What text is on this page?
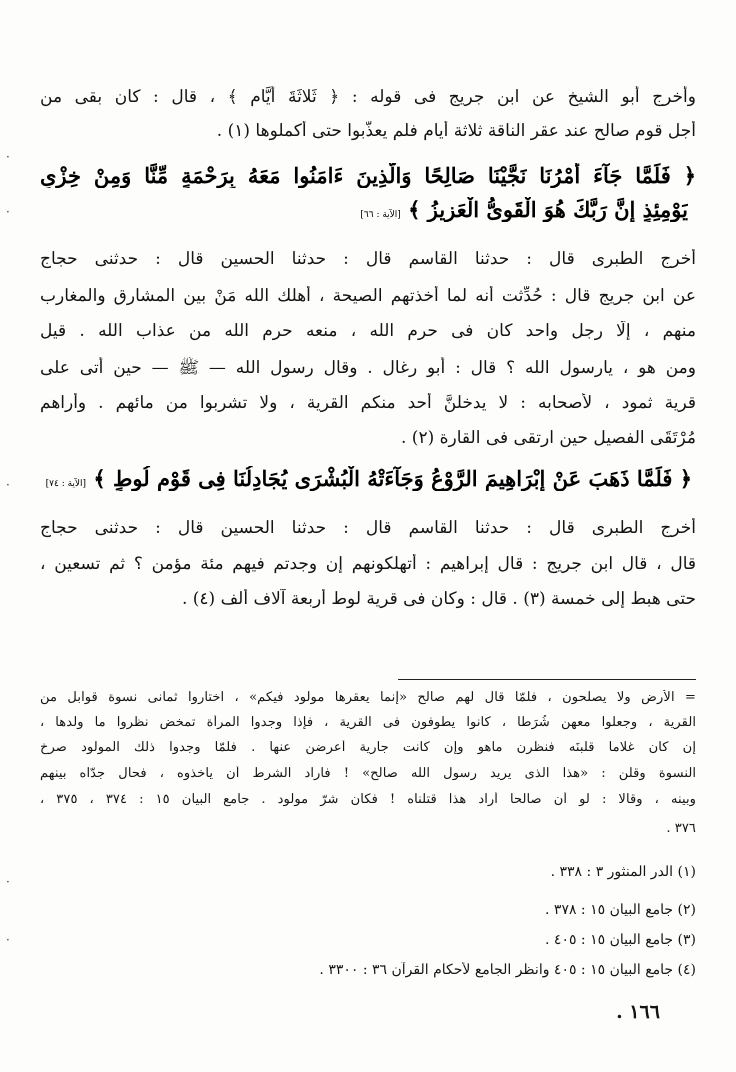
وأخرج أبو الشيخ عن ابن جريج فى قوله : ﴿ ثَلاثَةَ أيَّامٍ ﴾ ، قال : كان بقى من
أجل قوم صالح عند عقر الناقة ثلاثة أيام فلم يعذّبوا حتى أكملوها (١) .
﴿ فَلَمَّا جَآءَ أَمْرُنَا نَجَّيْنَا صَالِحًا وَالَّذِينَ ءَامَنُوا مَعَهُ بِرَحْمَةٍ مِّنَّا وَمِنْ خِزْىِ
يَوْمِئِذٍ إِنَّ رَبَّكَ هُوَ الْقَوِىُّ الْعَزِيزُ ﴾ [الآية : ٦٦]
أخرج الطبرى قال : حدثنا القاسم قال : حدثنا الحسين قال : حدثنى حجاج
عن ابن جريج قال : حُدِّثت أنه لما أخذتهم الصيحة ، أهلك الله مَنْ بين المشارق والمغارب
منهم ، إلّا رجل واحد كان فى حرم الله ، منعه حرم الله من عذاب الله . قيل
ومن هو ، يارسول الله ؟ قال : أبو رغال . وقال رسول الله — ﷺ — حين أتى على
قرية ثمود ، لأصحابه : لا يدخلنَّ أحد منكم القرية ، ولا تشربوا من مائهم . وأراهم
مُرْتَقَى الفصيل حين ارتقى فى القارة (٢) .
﴿ فَلَمَّا ذَهَبَ عَنْ إِبْرَاهِيمَ الرَّوْعُ وَجَآءَتْهُ الْبُشْرَى يُجَادِلُنَا فِى قَوْمِ لُوطٍ ﴾ [الآية : ٧٤]
أخرج الطبرى قال : حدثنا القاسم قال : حدثنا الحسين قال : حدثنى حجاج
قال ، قال ابن جريج : قال إبراهيم : أتهلكونهم إن وجدتم فيهم مئة مؤمن ؟ ثم تسعين ،
حتى هبط إلى خمسة (٣) . قال : وكان فى قرية لوط أربعة آلاف ألف (٤) .
= الأرض ولا يصلحون ، فلمّا قال لهم صالح «إنما يعقرها مولود فيكم» ، اختاروا ثمانى نسوة قوابل من
القرية ، وجعلوا معهن شُرَطا ، كانوا يطوفون فى القرية ، فإذا وجدوا المرأة تمخض نظروا ما ولدها ،
إن كان غلاما قلبنَه فنظرن ماهو وإن كانت جارية أعرضن عنها . فلمّا وجدوا ذلك المولود صرخ
النسوة وقلن : «هذا الذى يريد رسول الله صالح» ! فأراد الشرط أن يأخذوه ، فحال جدّاه بينهم
وبينه ، وقالا : لو أن صالحا أراد هذا قتلناه ! فكان شرّ مولود . جامع البيان ١٥ : ٣٧٤ ، ٣٧٥ ،
٣٧٦ .
(١) الدر المنثور ٣ : ٣٣٨ .
(٢) جامع البيان ١٥ : ٣٧٨ .
(٣) جامع البيان ١٥ : ٤٠٥ .
(٤) جامع البيان ١٥ : ٤٠٥ وانظر الجامع لأحكام القرآن ٣٦ : ٣٣٠٠ .
١٦٦ .
·
·
·
·
·
